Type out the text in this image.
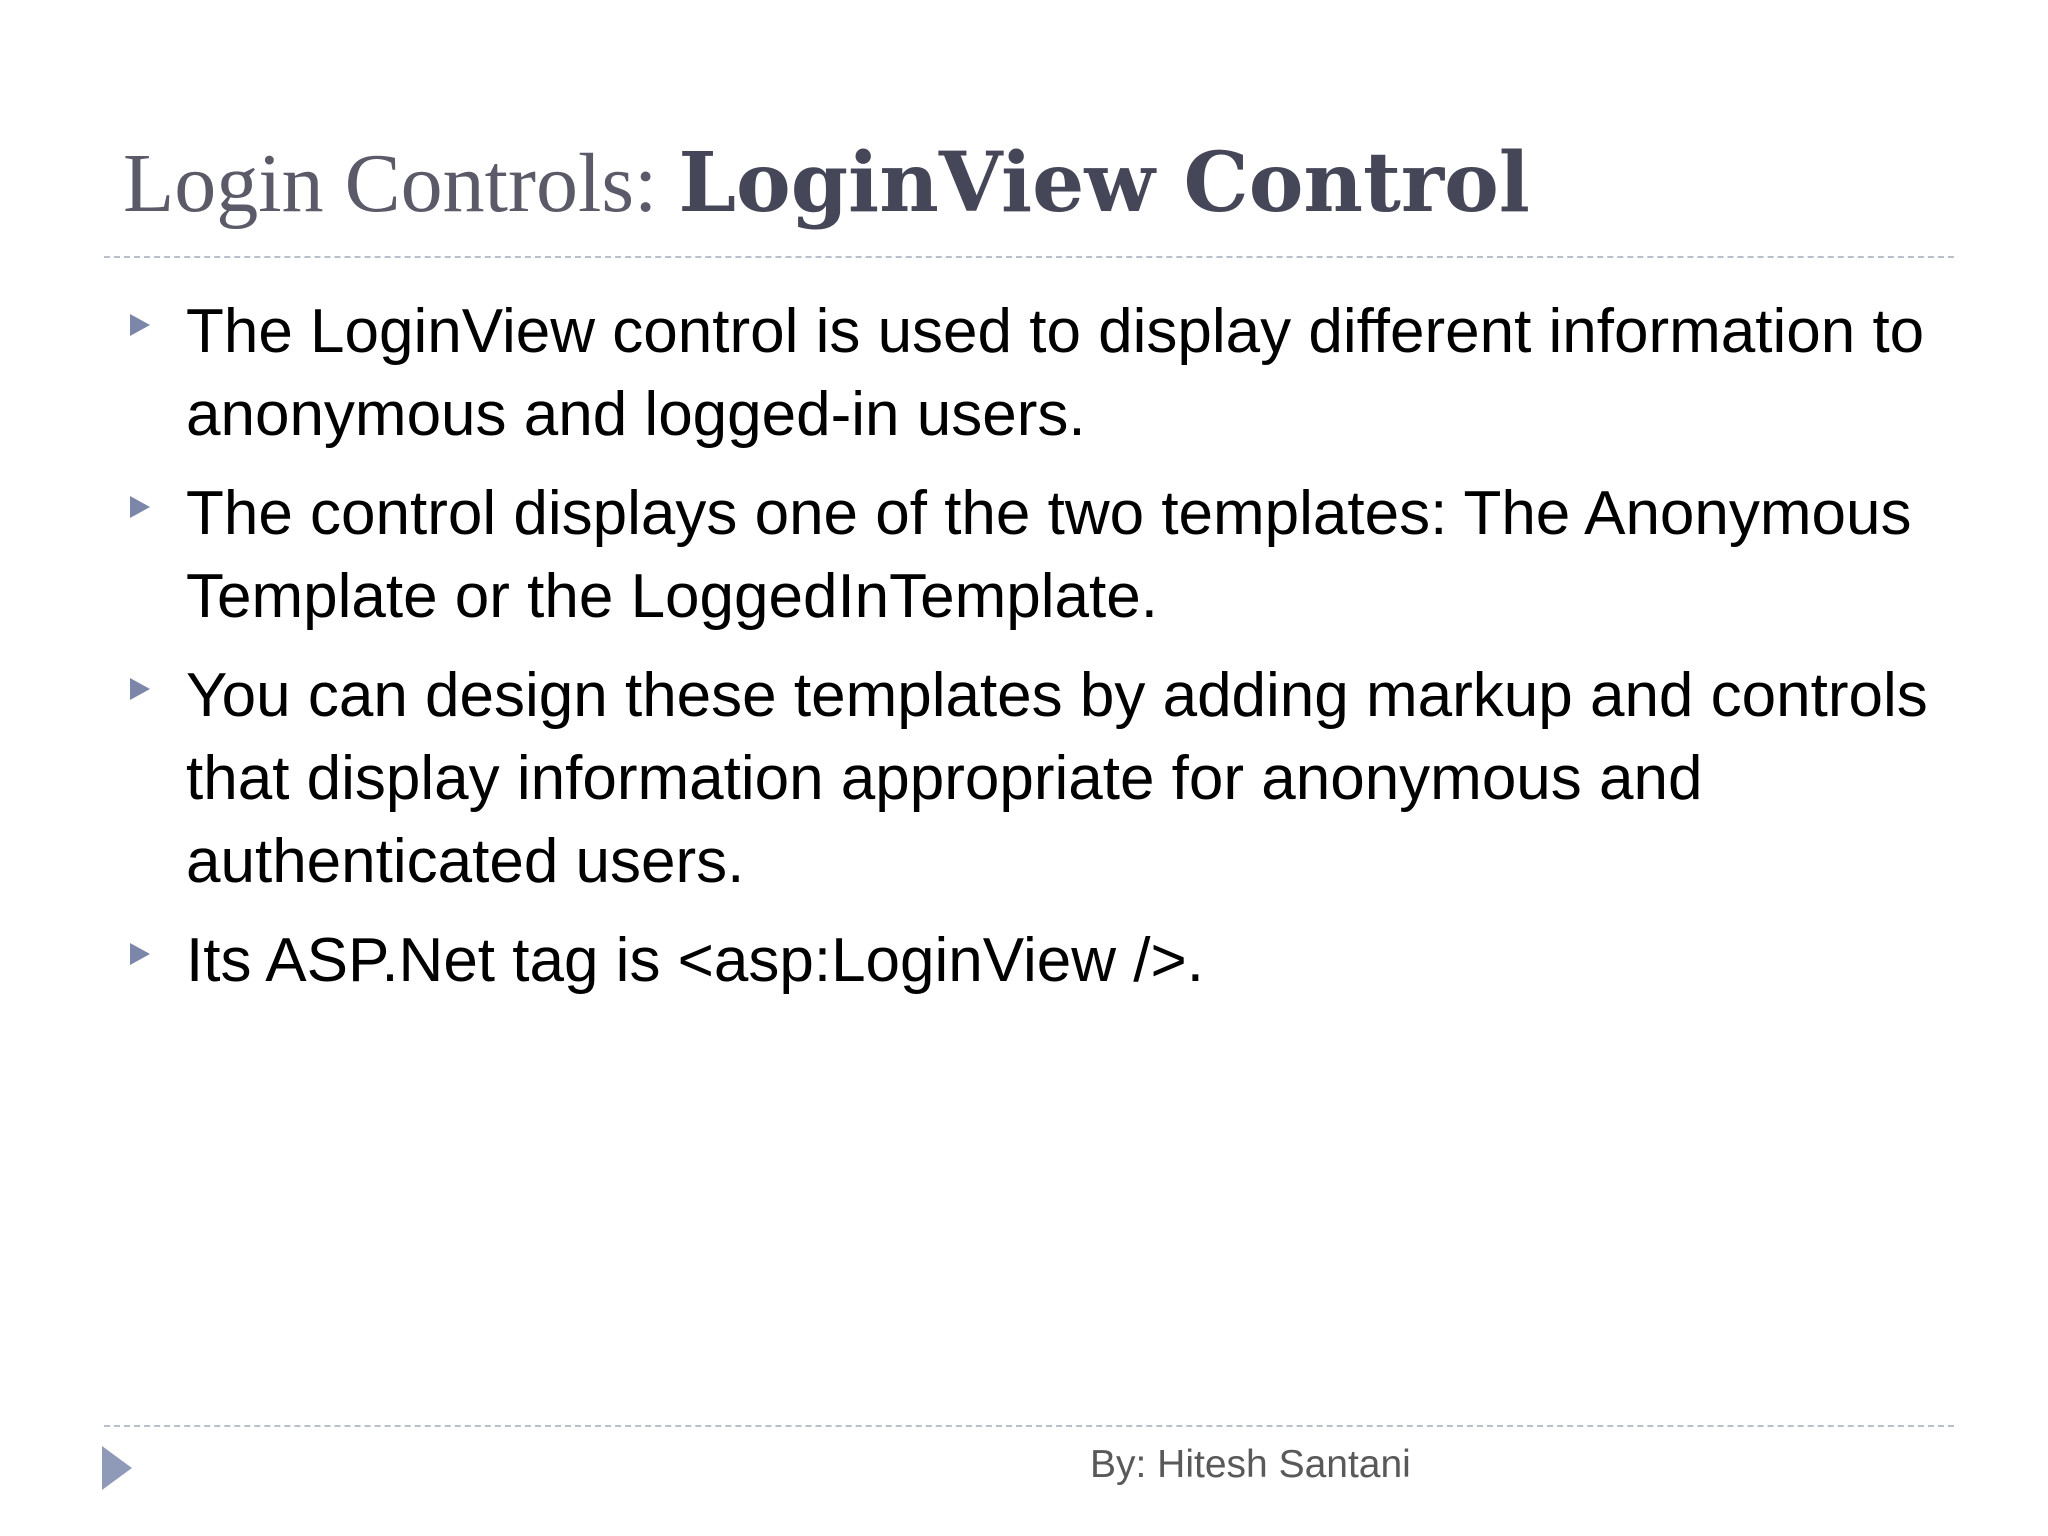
Login Controls: LoginView Control
The LoginView control is used to display different information to anonymous and logged-in users.
The control displays one of the two templates: The Anonymous Template or the LoggedInTemplate.
You can design these templates by adding markup and controls that display information appropriate for anonymous and authenticated users.
Its ASP.Net tag is <asp:LoginView />.
By: Hitesh Santani
